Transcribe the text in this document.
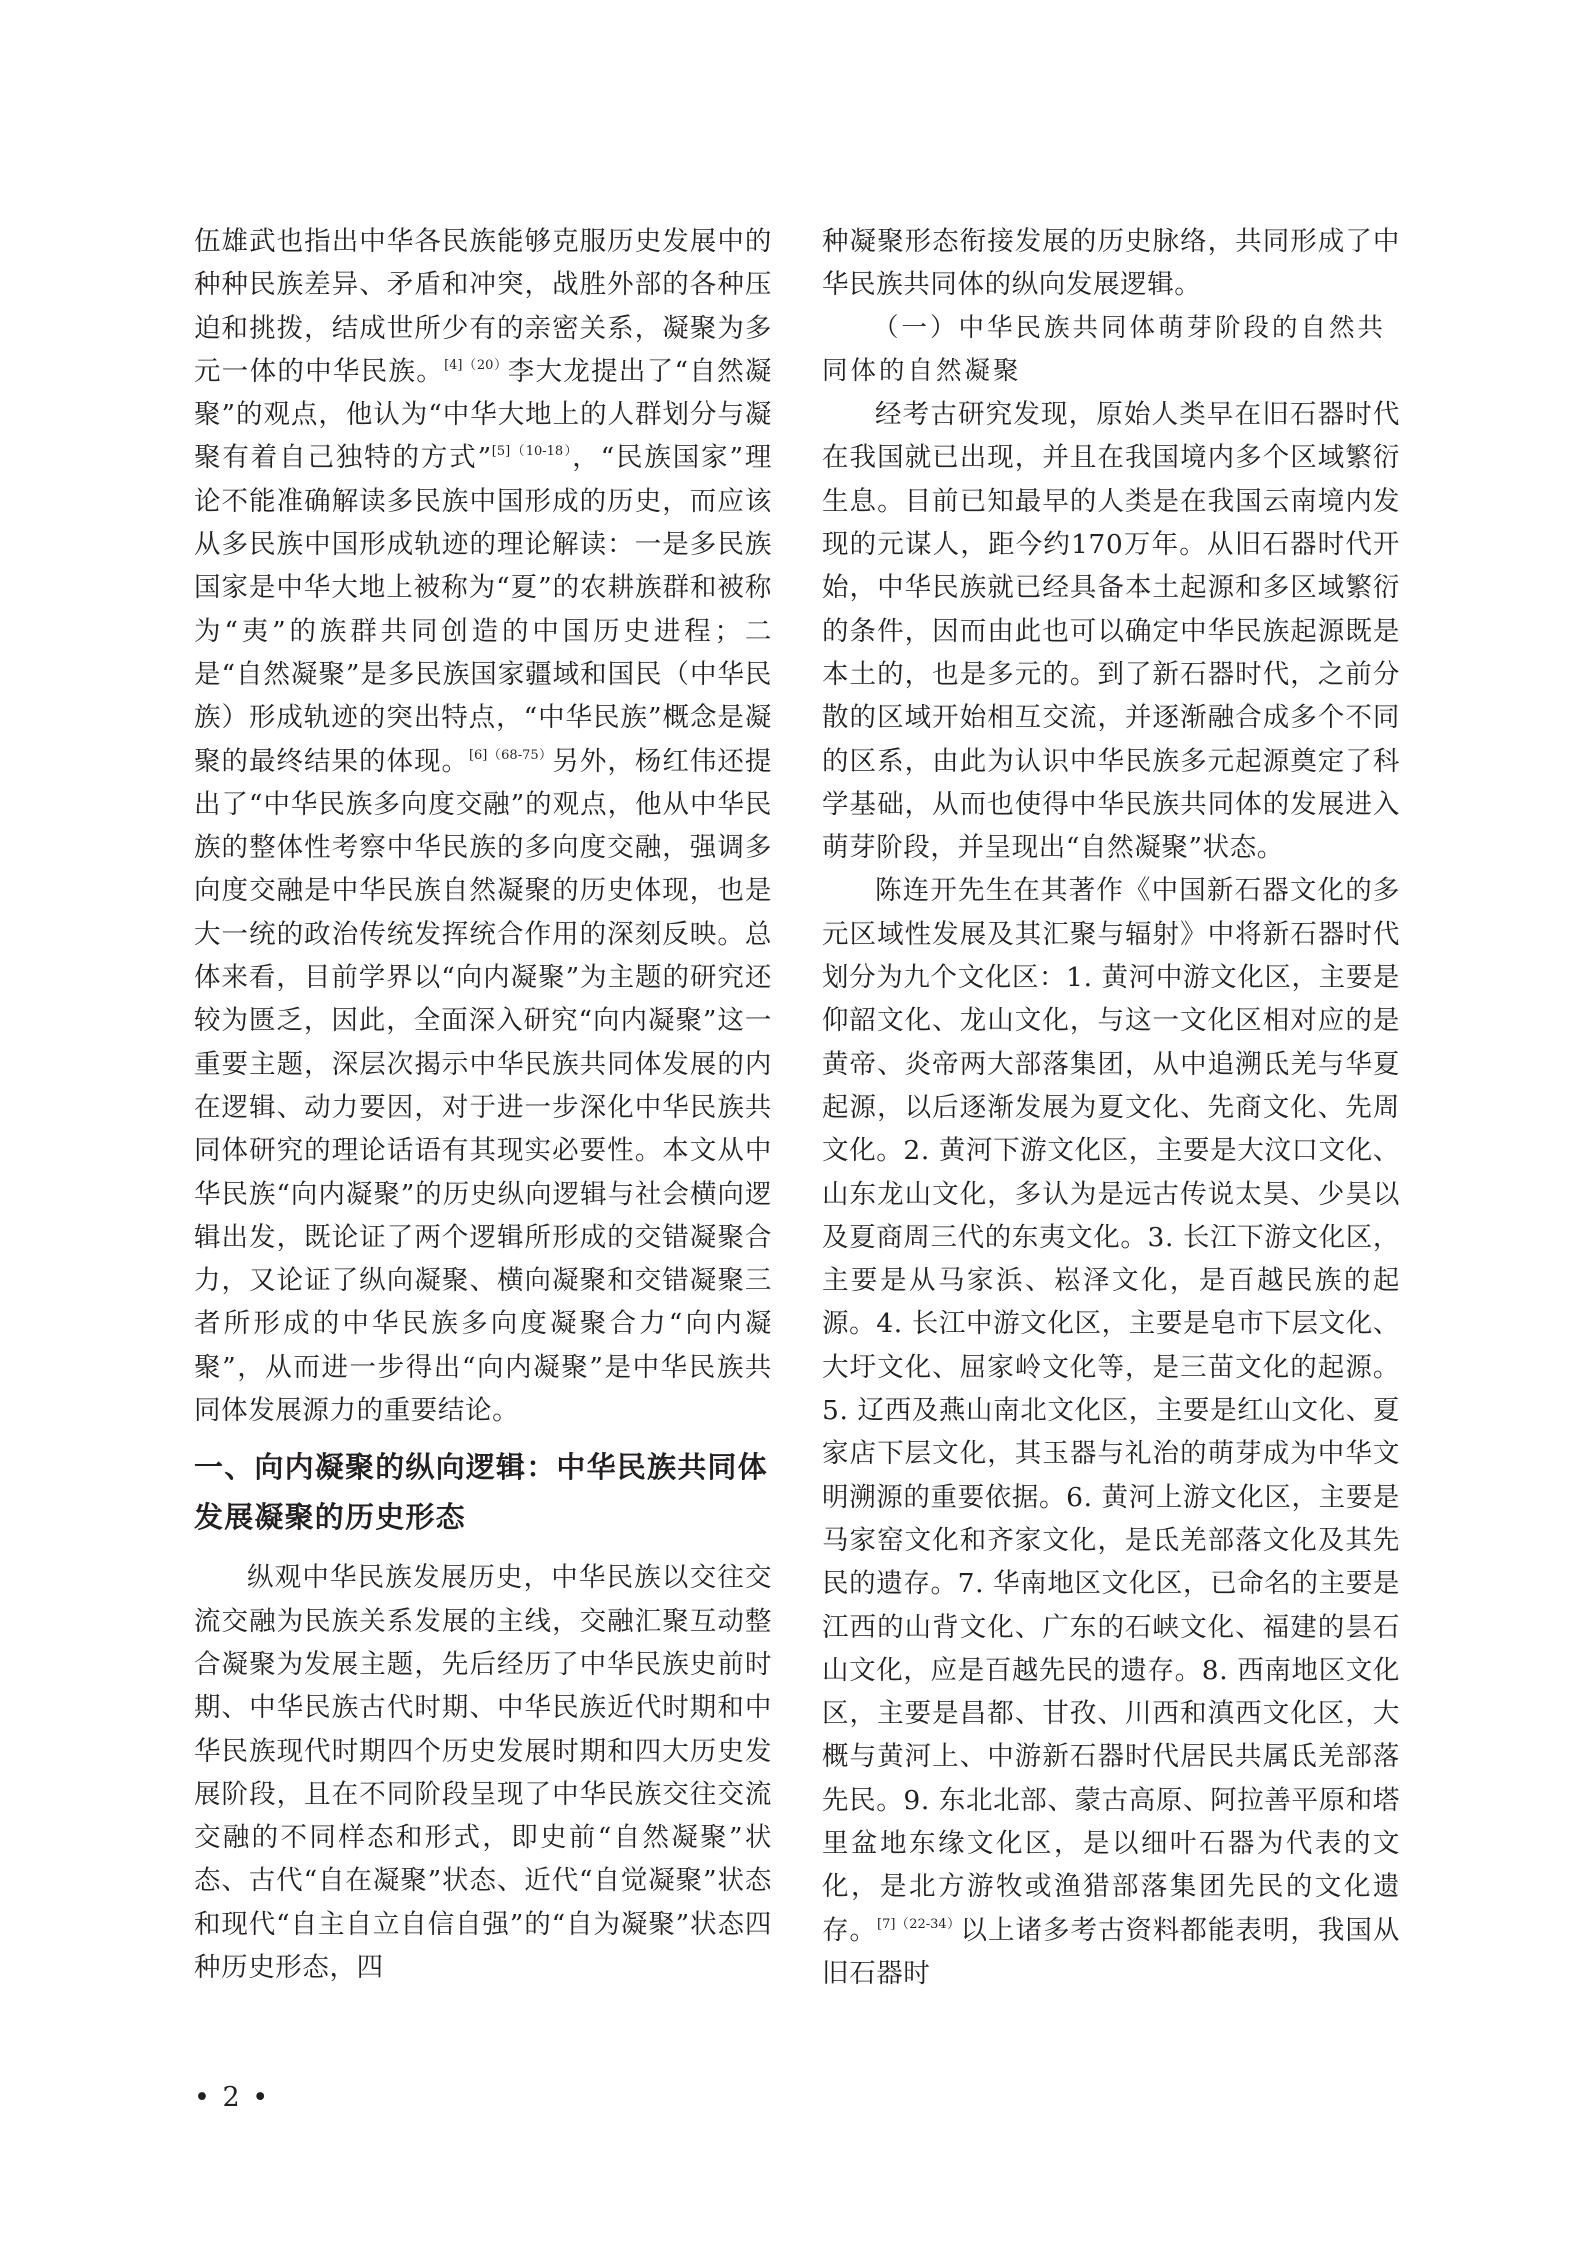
伍雄武也指出中华各民族能够克服历史发展中的种种民族差异、矛盾和冲突，战胜外部的各种压迫和挑拨，结成世所少有的亲密关系，凝聚为多元一体的中华民族。$^{[4](20)}$李大龙提出了“自然凝聚”的观点，他认为“中华大地上的人群划分与凝聚有着自己独特的方式”$^{[5](10-18)}$，“民族国家”理论不能准确解读多民族中国形成的历史，而应该从多民族中国形成轨迹的理论解读：一是多民族国家是中华大地上被称为“夏”的农耕族群和被称为“夷”的族群共同创造的中国历史进程；二是“自然凝聚”是多民族国家疆域和国民（中华民族）形成轨迹的突出特点，“中华民族”概念是凝聚的最终结果的体现。$^{[6](68-75)}$另外，杨红伟还提出了“中华民族多向度交融”的观点，他从中华民族的整体性考察中华民族的多向度交融，强调多向度交融是中华民族自然凝聚的历史体现，也是大一统的政治传统发挥统合作用的深刻反映。总体来看，目前学界以“向内凝聚”为主题的研究还较为匮乏，因此，全面深入研究“向内凝聚”这一重要主题，深层次揭示中华民族共同体发展的内在逻辑、动力要因，对于进一步深化中华民族共同体研究的理论话语有其现实必要性。本文从中华民族“向内凝聚”的历史纵向逻辑与社会横向逻辑出发，既论证了两个逻辑所形成的交错凝聚合力，又论证了纵向凝聚、横向凝聚和交错凝聚三者所形成的中华民族多向度凝聚合力“向内凝聚”，从而进一步得出“向内凝聚”是中华民族共同体发展源力的重要结论。

一、向内凝聚的纵向逻辑：中华民族共同体发展凝聚的历史形态

纵观中华民族发展历史，中华民族以交往交流交融为民族关系发展的主线，交融汇聚互动整合凝聚为发展主题，先后经历了中华民族史前时期、中华民族古代时期、中华民族近代时期和中华民族现代时期四个历史发展时期和四大历史发展阶段，且在不同阶段呈现了中华民族交往交流交融的不同样态和形式，即史前“自然凝聚”状态、古代“自在凝聚”状态、近代“自觉凝聚”状态和现代“自主自立自信自强”的“自为凝聚”状态四种历史形态，四

种凝聚形态衔接发展的历史脉络，共同形成了中华民族共同体的纵向发展逻辑。

（一）中华民族共同体萌芽阶段的自然共同体的自然凝聚

经考古研究发现，原始人类早在旧石器时代在我国就已出现，并且在我国境内多个区域繁衍生息。目前已知最早的人类是在我国云南境内发现的元谋人，距今约170万年。从旧石器时代开始，中华民族就已经具备本土起源和多区域繁衍的条件，因而由此也可以确定中华民族起源既是本土的，也是多元的。到了新石器时代，之前分散的区域开始相互交流，并逐渐融合成多个不同的区系，由此为认识中华民族多元起源奠定了科学基础，从而也使得中华民族共同体的发展进入萌芽阶段，并呈现出“自然凝聚”状态。

陈连开先生在其著作《中国新石器文化的多元区域性发展及其汇聚与辐射》中将新石器时代划分为九个文化区：1. 黄河中游文化区，主要是仰韶文化、龙山文化，与这一文化区相对应的是黄帝、炎帝两大部落集团，从中追溯氐羌与华夏起源，以后逐渐发展为夏文化、先商文化、先周文化。2. 黄河下游文化区，主要是大汶口文化、山东龙山文化，多认为是远古传说太昊、少昊以及夏商周三代的东夷文化。3. 长江下游文化区，主要是从马家浜、崧泽文化，是百越民族的起源。4. 长江中游文化区，主要是皂市下层文化、大圩文化、屈家岭文化等，是三苗文化的起源。5. 辽西及燕山南北文化区，主要是红山文化、夏家店下层文化，其玉器与礼治的萌芽成为中华文明溯源的重要依据。6. 黄河上游文化区，主要是马家窑文化和齐家文化，是氐羌部落文化及其先民的遗存。7. 华南地区文化区，已命名的主要是江西的山背文化、广东的石峡文化、福建的昙石山文化，应是百越先民的遗存。8. 西南地区文化区，主要是昌都、甘孜、川西和滇西文化区，大概与黄河上、中游新石器时代居民共属氐羌部落先民。9. 东北北部、蒙古高原、阿拉善平原和塔里盆地东缘文化区，是以细叶石器为代表的文化，是北方游牧或渔猎部落集团先民的文化遗存。$^{[7](22-34)}$以上诸多考古资料都能表明，我国从旧石器时

• 2 •
